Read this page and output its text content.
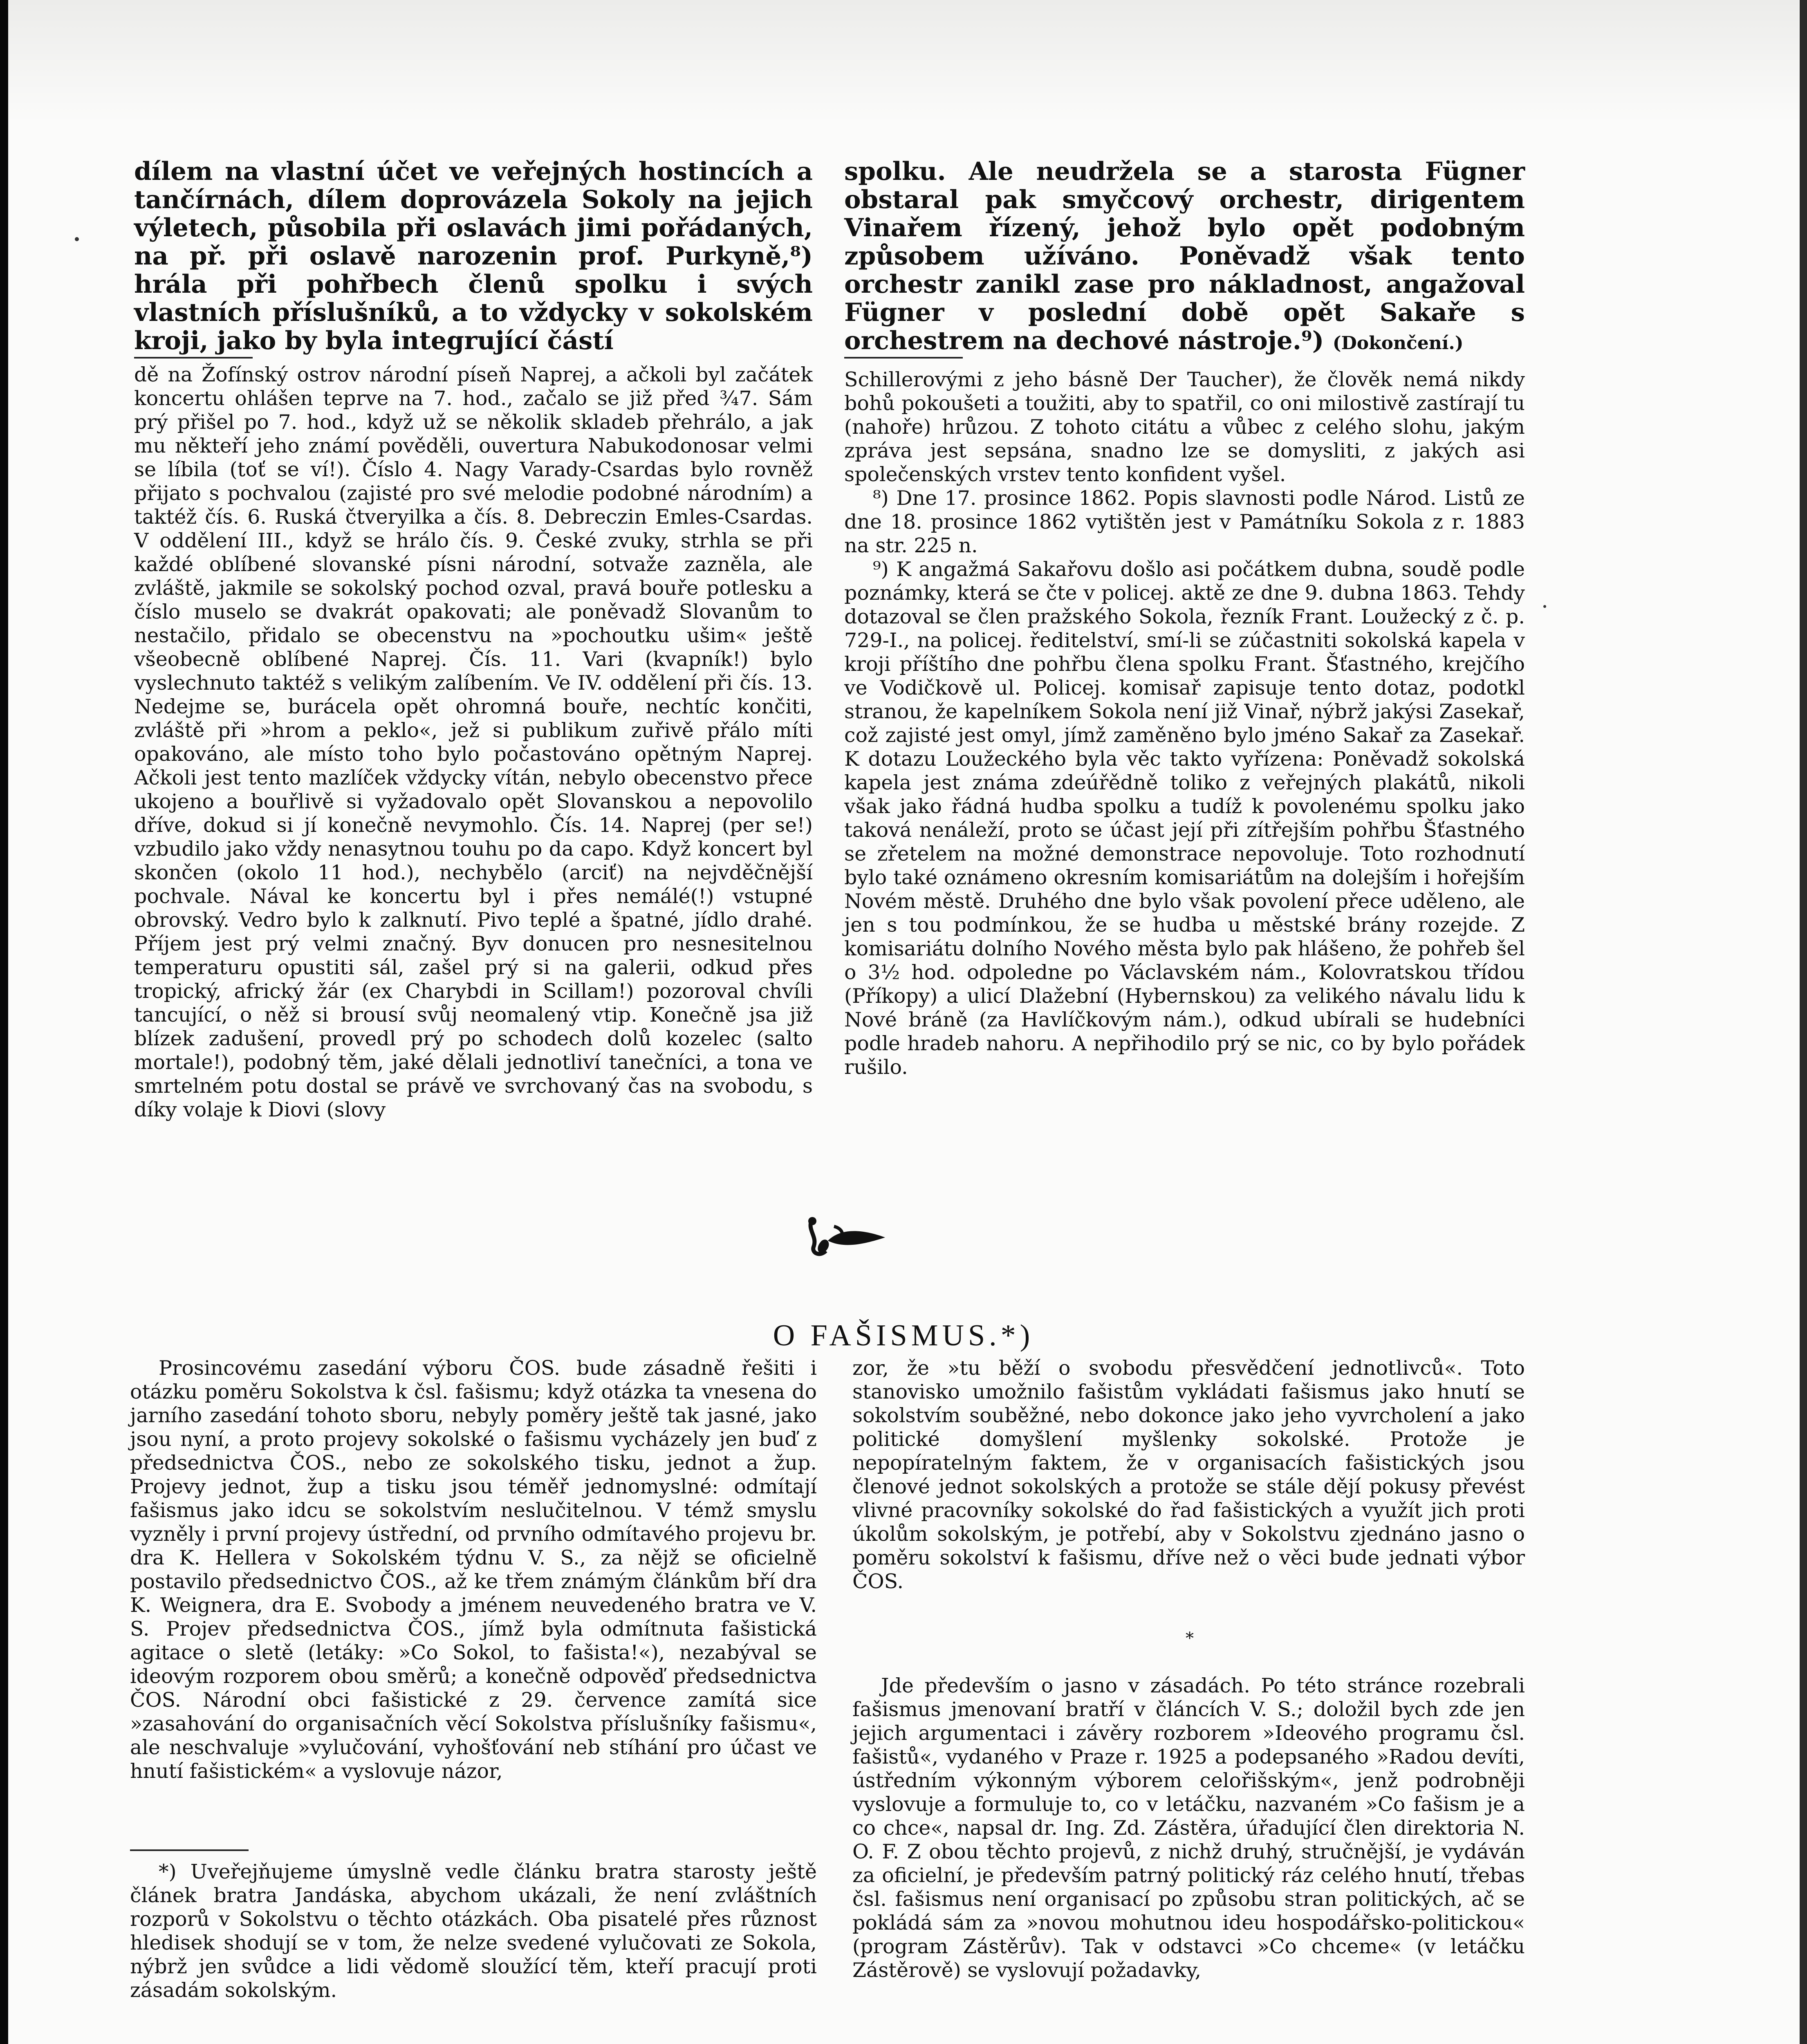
dílem na vlastní účet ve veřejných hostincích a tančírnách, dílem doprovázela Sokoly na jejich výletech, působila při oslavách jimi pořádaných, na př. při oslavě narozenin prof. Purkyně,⁸) hrála při pohřbech členů spolku i svých vlastních příslušníků, a to vždycky v sokolském kroji, jako by byla integrující částí

dě na Žofínský ostrov národní píseň Naprej, a ačkoli byl začátek koncertu ohlášen teprve na 7. hod., začalo se již před ¾7. Sám prý přišel po 7. hod., když už se několik skladeb přehrálo, a jak mu někteří jeho známí pověděli, ouvertura Nabukodonosar velmi se líbila (toť se ví!). Číslo 4. Nagy Varady-Csardas bylo rovněž přijato s pochvalou (zajisté pro své melodie podobné národním) a taktéž čís. 6. Ruská čtveryilka a čís. 8. Debreczin Emles-Csardas. V oddělení III., když se hrálo čís. 9. České zvuky, strhla se při každé oblíbené slovanské písni národní, sotvaže zazněla, ale zvláště, jakmile se sokolský pochod ozval, pravá bouře potlesku a číslo muselo se dvakrát opakovati; ale poněvadž Slovanům to nestačilo, přidalo se obecenstvu na »pochoutku ušim« ještě všeobecně oblíbené Naprej. Čís. 11. Vari (kvapník!) bylo vyslechnuto taktéž s velikým zalíbením. Ve IV. oddělení při čís. 13. Nedejme se, burácela opět ohromná bouře, nechtíc končiti, zvláště při »hrom a peklo«, jež si publikum zuřivě přálo míti opakováno, ale místo toho bylo počastováno opětným Naprej. Ačkoli jest tento mazlíček vždycky vítán, nebylo obecenstvo přece ukojeno a bouřlivě si vyžadovalo opět Slovanskou a nepovolilo dříve, dokud si jí konečně nevymohlo. Čís. 14. Naprej (per se!) vzbudilo jako vždy nenasytnou touhu po da capo. Když koncert byl skončen (okolo 11 hod.), nechybělo (arciť) na nejvděčnější pochvale. Nával ke koncertu byl i přes nemálé(!) vstupné obrovský. Vedro bylo k zalknutí. Pivo teplé a špatné, jídlo drahé. Příjem jest prý velmi značný. Byv donucen pro nesnesitelnou temperaturu opustiti sál, zašel prý si na galerii, odkud přes tropický, africký žár (ex Charybdi in Scillam!) pozoroval chvíli tancující, o něž si brousí svůj neomalený vtip. Konečně jsa již blízek zadušení, provedl prý po schodech dolů kozelec (salto mortale!), podobný těm, jaké dělali jednotliví tanečníci, a tona ve smrtelném potu dostal se právě ve svrchovaný čas na svobodu, s díky volaje k Diovi (slovy

spolku. Ale neudržela se a starosta Fügner obstaral pak smyčcový orchestr, dirigentem Vinařem řízený, jehož bylo opět podobným způsobem užíváno. Poněvadž však tento orchestr zanikl zase pro nákladnost, angažoval Fügner v poslední době opět Sakaře s orchestrem na dechové nástroje.⁹) (Dokončení.)

Schillerovými z jeho básně Der Taucher), že člověk nemá nikdy bohů pokoušeti a toužiti, aby to spatřil, co oni milostivě zastírají tu (nahoře) hrůzou. Z tohoto citátu a vůbec z celého slohu, jakým zpráva jest sepsána, snadno lze se domysliti, z jakých asi společenských vrstev tento konfident vyšel.

⁸) Dne 17. prosince 1862. Popis slavnosti podle Národ. Listů ze dne 18. prosince 1862 vytištěn jest v Památníku Sokola z r. 1883 na str. 225 n.

⁹) K angažmá Sakařovu došlo asi počátkem dubna, soudě podle poznámky, která se čte v policej. aktě ze dne 9. dubna 1863. Tehdy dotazoval se člen pražského Sokola, řezník Frant. Loužecký z č. p. 729-I., na policej. ředitelství, smí-li se zúčastniti sokolská kapela v kroji příštího dne pohřbu člena spolku Frant. Šťastného, krejčího ve Vodičkově ul. Policej. komisař zapisuje tento dotaz, podotkl stranou, že kapelníkem Sokola není již Vinař, nýbrž jakýsi Zasekař, což zajisté jest omyl, jímž zaměněno bylo jméno Sakař za Zasekař. K dotazu Loužeckého byla věc takto vyřízena: Poněvadž sokolská kapela jest známa zdeúřědně toliko z veřejných plakátů, nikoli však jako řádná hudba spolku a tudíž k povolenému spolku jako taková nenáleží, proto se účast její při zítřejším pohřbu Šťastného se zřetelem na možné demonstrace nepovoluje. Toto rozhodnutí bylo také oznámeno okresním komisariátům na dolejším i hořejším Novém městě. Druhého dne bylo však povolení přece uděleno, ale jen s tou podmínkou, že se hudba u městské brány rozejde. Z komisariátu dolního Nového města bylo pak hlášeno, že pohřeb šel o 3½ hod. odpoledne po Václavském nám., Kolovratskou třídou (Příkopy) a ulicí Dlažební (Hybernskou) za velikého návalu lidu k Nové bráně (za Havlíčkovým nám.), odkud ubírali se hudebníci podle hradeb nahoru. A nepřihodilo prý se nic, co by bylo pořádek rušilo.

O FAŠISMUS.*)

Prosincovému zasedání výboru ČOS. bude zásadně řešiti i otázku poměru Sokolstva k čsl. fašismu; když otázka ta vnesena do jarního zasedání tohoto sboru, nebyly poměry ještě tak jasné, jako jsou nyní, a proto projevy sokolské o fašismu vycházely jen buď z předsednictva ČOS., nebo ze sokolského tisku, jednot a žup. Projevy jednot, žup a tisku jsou téměř jednomyslné: odmítají fašismus jako idcu se sokolstvím neslučitelnou. V témž smyslu vyzněly i první projevy ústřední, od prvního odmítavého projevu br. dra K. Hellera v Sokolském týdnu V. S., za nějž se oficielně postavilo předsednictvo ČOS., až ke třem známým článkům bří dra K. Weignera, dra E. Svobody a jménem neuvedeného bratra ve V. S. Projev předsednictva ČOS., jímž byla odmítnuta fašistická agitace o sletě (letáky: »Co Sokol, to fašista!«), nezabýval se ideovým rozporem obou směrů; a konečně odpověď předsednictva ČOS. Národní obci fašistické z 29. července zamítá sice »zasahování do organisačních věcí Sokolstva příslušníky fašismu«, ale neschvaluje »vylučování, vyhošťování neb stíhání pro účast ve hnutí fašistickém« a vyslovuje názor,

*) Uveřejňujeme úmyslně vedle článku bratra starosty ještě článek bratra Jandáska, abychom ukázali, že není zvláštních rozporů v Sokolstvu o těchto otázkách. Oba pisatelé přes různost hledisek shodují se v tom, že nelze svedené vylučovati ze Sokola, nýbrž jen svůdce a lidi vědomě sloužící těm, kteří pracují proti zásadám sokolským.

zor, že »tu běží o svobodu přesvědčení jednotlivců«. Toto stanovisko umožnilo fašistům vykládati fašismus jako hnutí se sokolstvím souběžné, nebo dokonce jako jeho vyvrcholení a jako politické domyšlení myšlenky sokolské. Protože je nepopíratelným faktem, že v organisacích fašistických jsou členové jednot sokolských a protože se stále dějí pokusy převést vlivné pracovníky sokolské do řad fašistických a využít jich proti úkolům sokolským, je potřebí, aby v Sokolstvu zjednáno jasno o poměru sokolství k fašismu, dříve než o věci bude jednati výbor ČOS.

*

Jde především o jasno v zásadách. Po této stránce rozebrali fašismus jmenovaní bratří v článcích V. S.; doložil bych zde jen jejich argumentaci i závěry rozborem »Ideového programu čsl. fašistů«, vydaného v Praze r. 1925 a podepsaného »Radou devíti, ústředním výkonným výborem celořišským«, jenž podrobněji vyslovuje a formuluje to, co v letáčku, nazvaném »Co fašism je a co chce«, napsal dr. Ing. Zd. Zástěra, úřadující člen direktoria N. O. F. Z obou těchto projevů, z nichž druhý, stručnější, je vydáván za oficielní, je především patrný politický ráz celého hnutí, třebas čsl. fašismus není organisací po způsobu stran politických, ač se pokládá sám za »novou mohutnou ideu hospodářsko-politickou« (program Zástěrův). Tak v odstavci »Co chceme« (v letáčku Zástěrově) se vyslovují požadavky,
